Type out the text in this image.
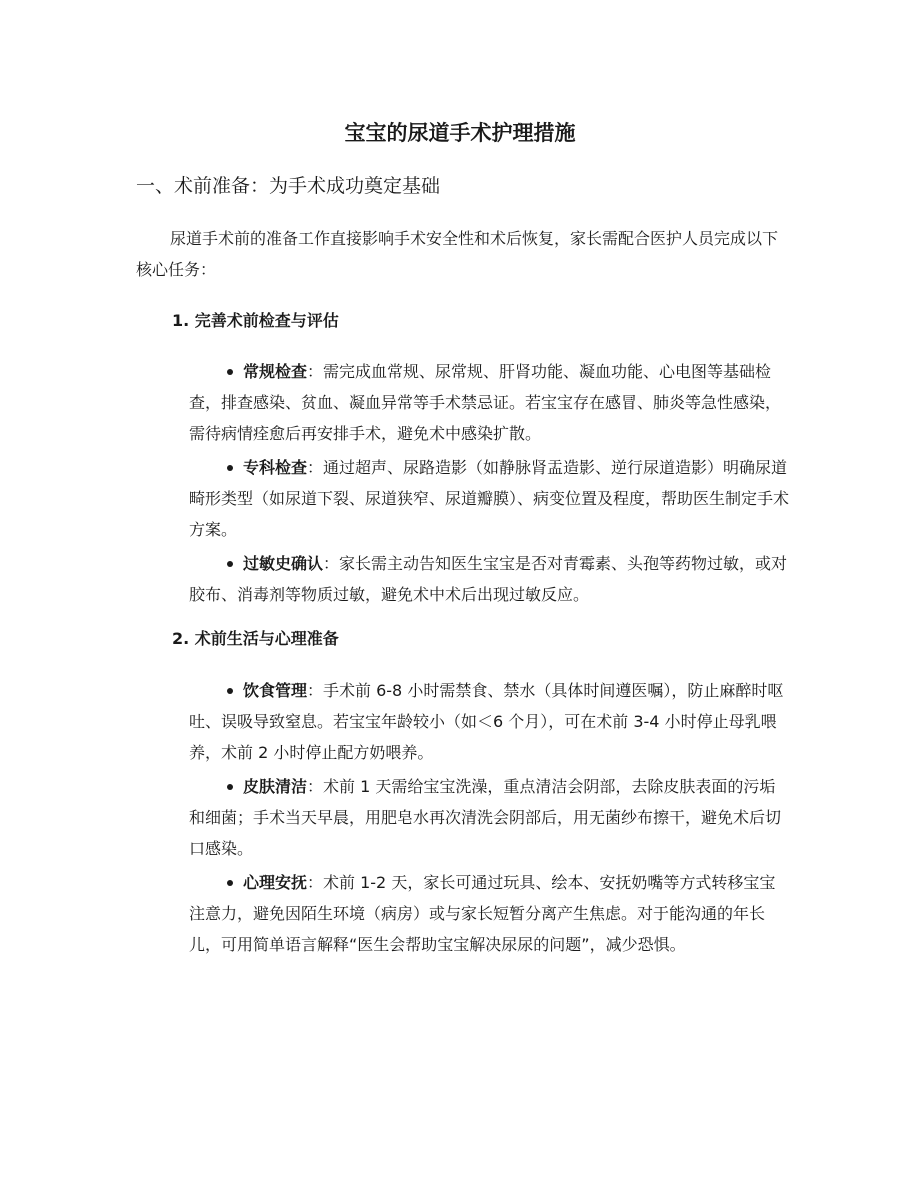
宝宝的尿道手术护理措施
一、术前准备：为手术成功奠定基础

尿道手术前的准备工作直接影响手术安全性和术后恢复，家长需配合医护人员完成以下核心任务：

1. 完善术前检查与评估
常规检查：需完成血常规、尿常规、肝肾功能、凝血功能、心电图等基础检查，排查感染、贫血、凝血异常等手术禁忌证。若宝宝存在感冒、肺炎等急性感染，需待病情痊愈后再安排手术，避免术中感染扩散。
专科检查：通过超声、尿路造影（如静脉肾盂造影、逆行尿道造影）明确尿道畸形类型（如尿道下裂、尿道狭窄、尿道瓣膜）、病变位置及程度，帮助医生制定手术方案。
过敏史确认：家长需主动告知医生宝宝是否对青霉素、头孢等药物过敏，或对胶布、消毒剂等物质过敏，避免术中术后出现过敏反应。
2. 术前生活与心理准备
饮食管理：手术前 6-8 小时需禁食、禁水（具体时间遵医嘱），防止麻醉时呕吐、误吸导致窒息。若宝宝年龄较小（如＜6 个月），可在术前 3-4 小时停止母乳喂养，术前 2 小时停止配方奶喂养。
皮肤清洁：术前 1 天需给宝宝洗澡，重点清洁会阴部，去除皮肤表面的污垢和细菌；手术当天早晨，用肥皂水再次清洗会阴部后，用无菌纱布擦干，避免术后切口感染。
心理安抚：术前 1-2 天，家长可通过玩具、绘本、安抚奶嘴等方式转移宝宝注意力，避免因陌生环境（病房）或与家长短暂分离产生焦虑。对于能沟通的年长儿，可用简单语言解释“医生会帮助宝宝解决尿尿的问题”，减少恐惧。
